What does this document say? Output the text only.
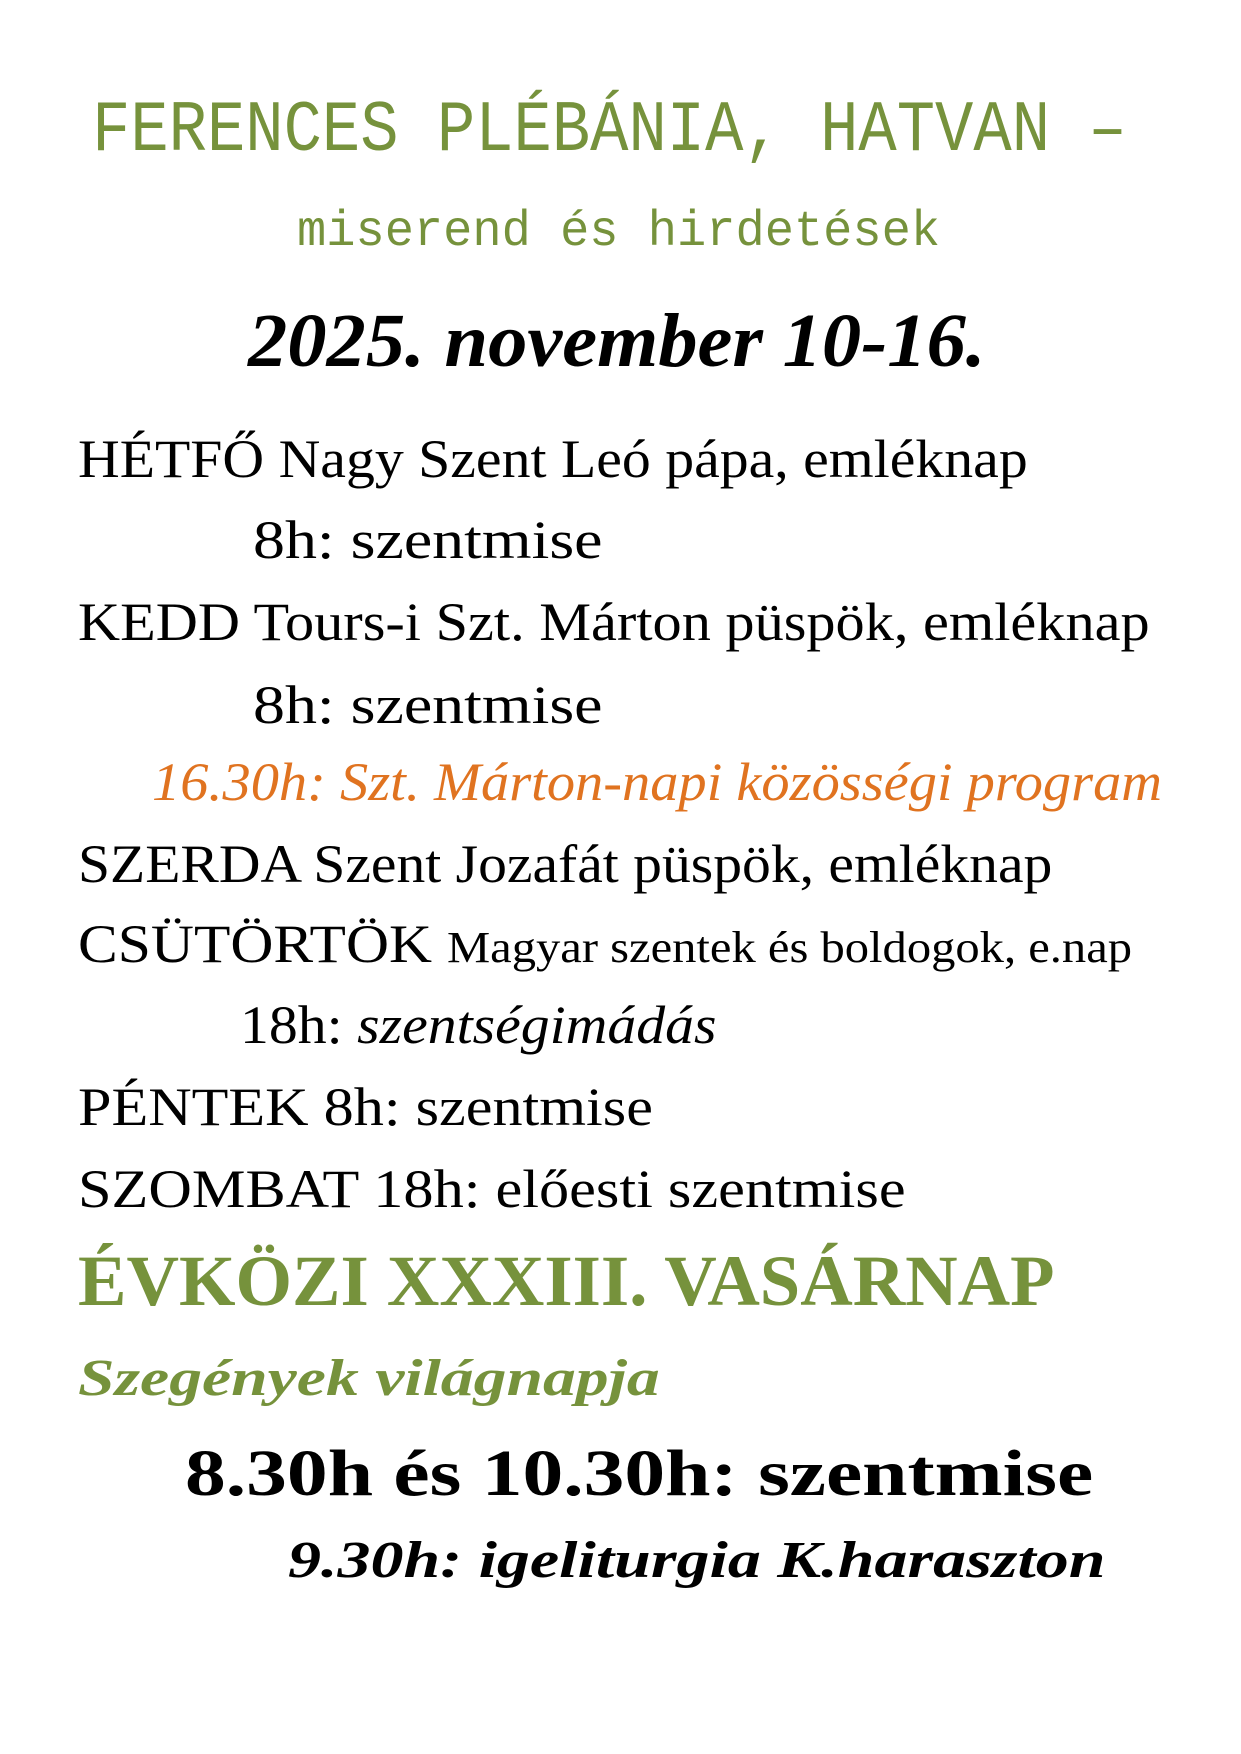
FERENCES PLÉBÁNIA, HATVAN –
miserend és hirdetések
2025. november 10-16.
HÉTFŐ Nagy Szent Leó pápa, emléknap
8h: szentmise
KEDD Tours-i Szt. Márton püspök, emléknap
8h: szentmise
16.30h: Szt. Márton-napi közösségi program
SZERDA Szent Jozafát püspök, emléknap
CSÜTÖRTÖK Magyar szentek és boldogok, e.nap
18h: szentségimádás
PÉNTEK 8h: szentmise
SZOMBAT 18h: előesti szentmise
ÉVKÖZI XXXIII. VASÁRNAP
Szegények világnapja
8.30h és 10.30h: szentmise
9.30h: igeliturgia K.haraszton
